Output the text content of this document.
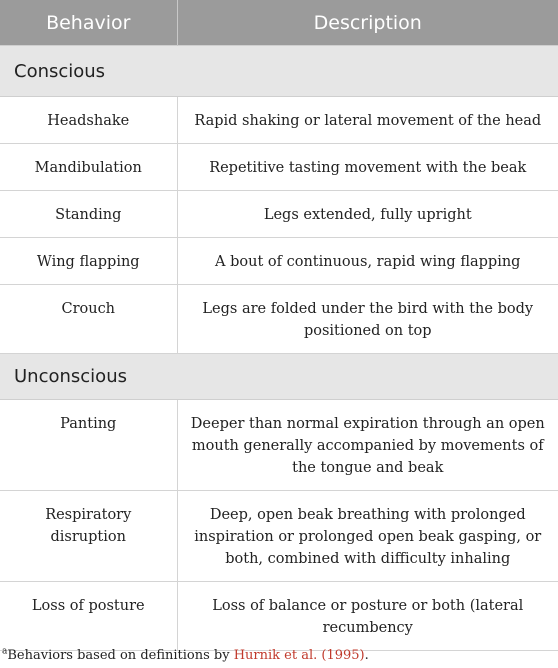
Behavior	Description
Conscious	
Headshake	Rapid shaking or lateral movement of the head
Mandibulation	Repetitive tasting movement with the beak
Standing	Legs extended, fully upright
Wing flapping	A bout of continuous, rapid wing flapping
Crouch	Legs are folded under the bird with the body positioned on top
Unconscious	
Panting	Deeper than normal expiration through an open mouth generally accompanied by movements of the tongue and beak
Respiratory disruption	Deep, open beak breathing with prolonged inspiration or prolonged open beak gasping, or both, combined with difficulty inhaling
Loss of posture	Loss of balance or posture or both (lateral recumbency
$^a$Behaviors based on definitions by Hurnik et al. (1995).
